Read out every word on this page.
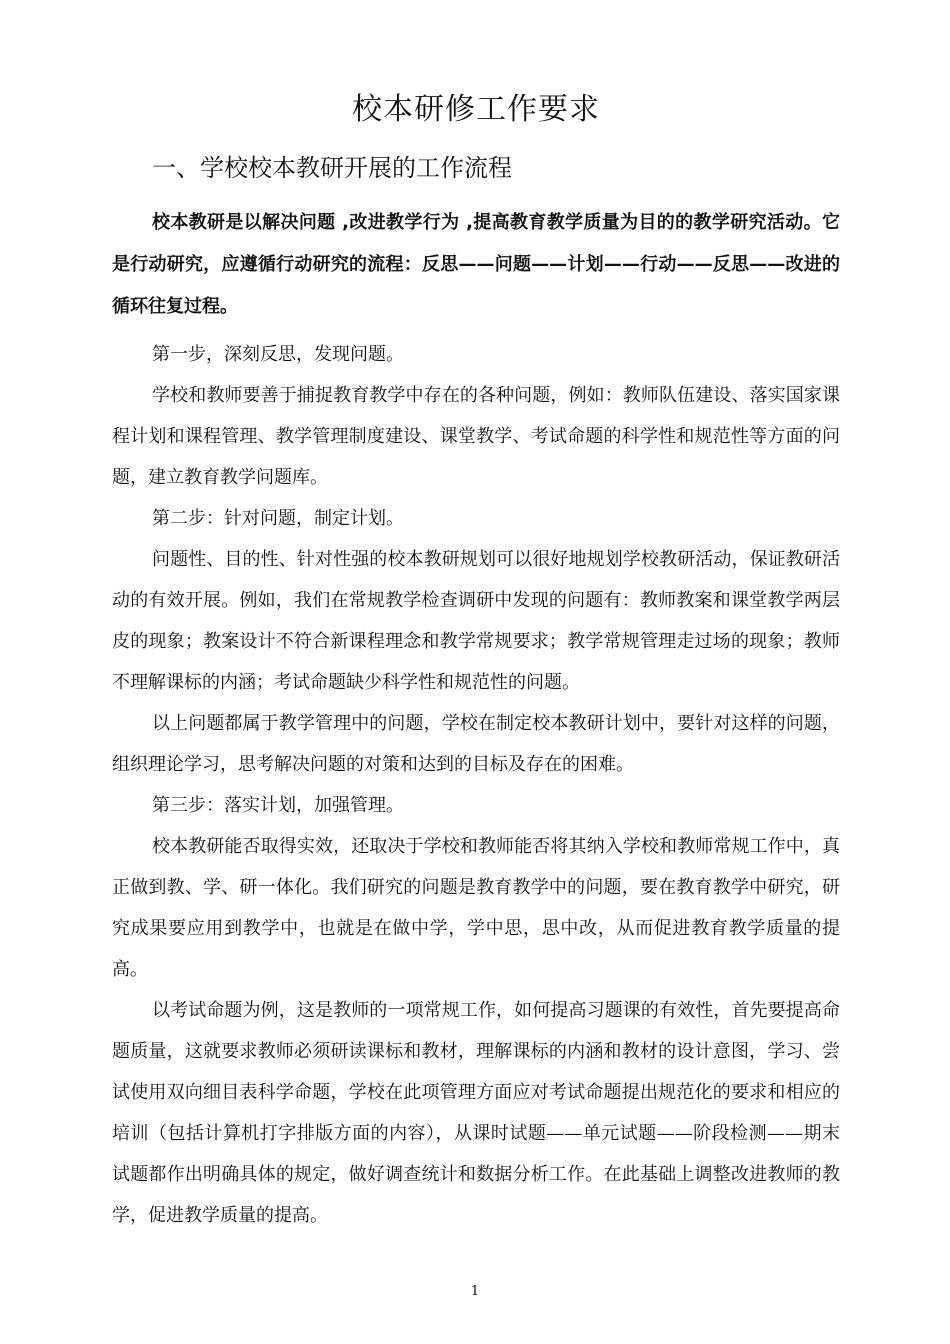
校本研修工作要求
一、学校校本教研开展的工作流程

校本教研是以解决问题 ,改进教学行为 ,提高教育教学质量为目的的教学研究活动。它是行动研究，应遵循行动研究的流程：反思——问题——计划——行动——反思——改进的循环往复过程。

第一步，深刻反思，发现问题。

学校和教师要善于捕捉教育教学中存在的各种问题，例如：教师队伍建设、落实国家课程计划和课程管理、教学管理制度建设、课堂教学、考试命题的科学性和规范性等方面的问题，建立教育教学问题库。

第二步：针对问题，制定计划。

问题性、目的性、针对性强的校本教研规划可以很好地规划学校教研活动，保证教研活动的有效开展。例如，我们在常规教学检查调研中发现的问题有：教师教案和课堂教学两层皮的现象；教案设计不符合新课程理念和教学常规要求；教学常规管理走过场的现象；教师不理解课标的内涵；考试命题缺少科学性和规范性的问题。

以上问题都属于教学管理中的问题，学校在制定校本教研计划中，要针对这样的问题，组织理论学习，思考解决问题的对策和达到的目标及存在的困难。

第三步：落实计划，加强管理。

校本教研能否取得实效，还取决于学校和教师能否将其纳入学校和教师常规工作中，真正做到教、学、研一体化。我们研究的问题是教育教学中的问题，要在教育教学中研究，研究成果要应用到教学中，也就是在做中学，学中思，思中改，从而促进教育教学质量的提高。

以考试命题为例，这是教师的一项常规工作，如何提高习题课的有效性，首先要提高命题质量，这就要求教师必须研读课标和教材，理解课标的内涵和教材的设计意图，学习、尝试使用双向细目表科学命题，学校在此项管理方面应对考试命题提出规范化的要求和相应的培训（包括计算机打字排版方面的内容），从课时试题——单元试题——阶段检测——期末试题都作出明确具体的规定，做好调查统计和数据分析工作。在此基础上调整改进教师的教学，促进教学质量的提高。

1
